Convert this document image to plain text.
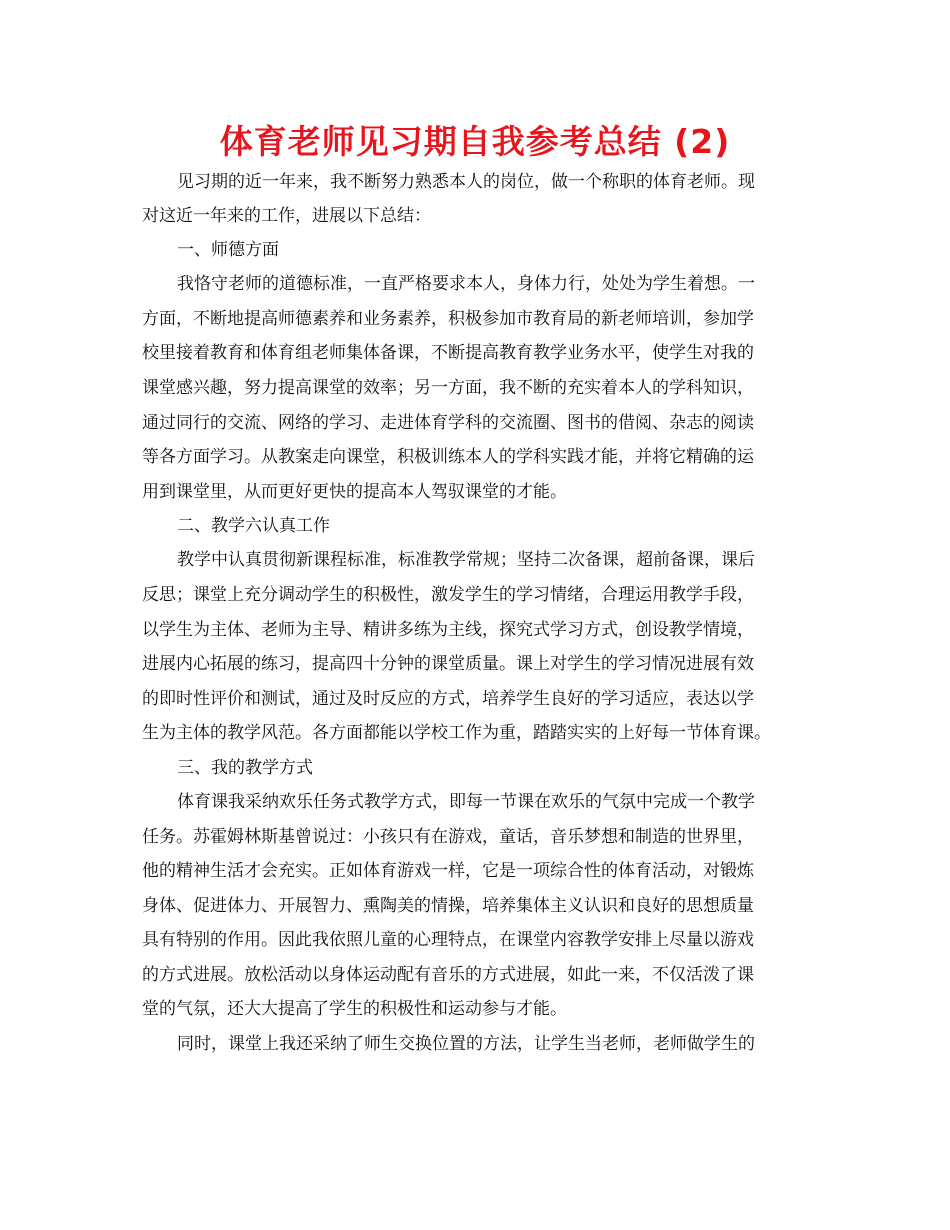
体育老师见习期自我参考总结 (2)

见习期的近一年来，我不断努力熟悉本人的岗位，做一个称职的体育老师。现

对这近一年来的工作，进展以下总结：

一、师德方面

我恪守老师的道德标准，一直严格要求本人，身体力行，处处为学生着想。一

方面，不断地提高师德素养和业务素养，积极参加市教育局的新老师培训，参加学

校里接着教育和体育组老师集体备课，不断提高教育教学业务水平，使学生对我的

课堂感兴趣，努力提高课堂的效率；另一方面，我不断的充实着本人的学科知识，

通过同行的交流、网络的学习、走进体育学科的交流圈、图书的借阅、杂志的阅读

等各方面学习。从教案走向课堂，积极训练本人的学科实践才能，并将它精确的运

用到课堂里，从而更好更快的提高本人驾驭课堂的才能。

二、教学六认真工作

教学中认真贯彻新课程标准，标准教学常规；坚持二次备课，超前备课，课后

反思；课堂上充分调动学生的积极性，激发学生的学习情绪，合理运用教学手段，

以学生为主体、老师为主导、精讲多练为主线，探究式学习方式，创设教学情境，

进展内心拓展的练习，提高四十分钟的课堂质量。课上对学生的学习情况进展有效

的即时性评价和测试，通过及时反应的方式，培养学生良好的学习适应，表达以学

生为主体的教学风范。各方面都能以学校工作为重，踏踏实实的上好每一节体育课。

三、我的教学方式

体育课我采纳欢乐任务式教学方式，即每一节课在欢乐的气氛中完成一个教学

任务。苏霍姆林斯基曾说过：小孩只有在游戏，童话，音乐梦想和制造的世界里，

他的精神生活才会充实。正如体育游戏一样，它是一项综合性的体育活动，对锻炼

身体、促进体力、开展智力、熏陶美的情操，培养集体主义认识和良好的思想质量

具有特别的作用。因此我依照儿童的心理特点，在课堂内容教学安排上尽量以游戏

的方式进展。放松活动以身体运动配有音乐的方式进展，如此一来，不仅活泼了课

堂的气氛，还大大提高了学生的积极性和运动参与才能。

同时，课堂上我还采纳了师生交换位置的方法，让学生当老师，老师做学生的
